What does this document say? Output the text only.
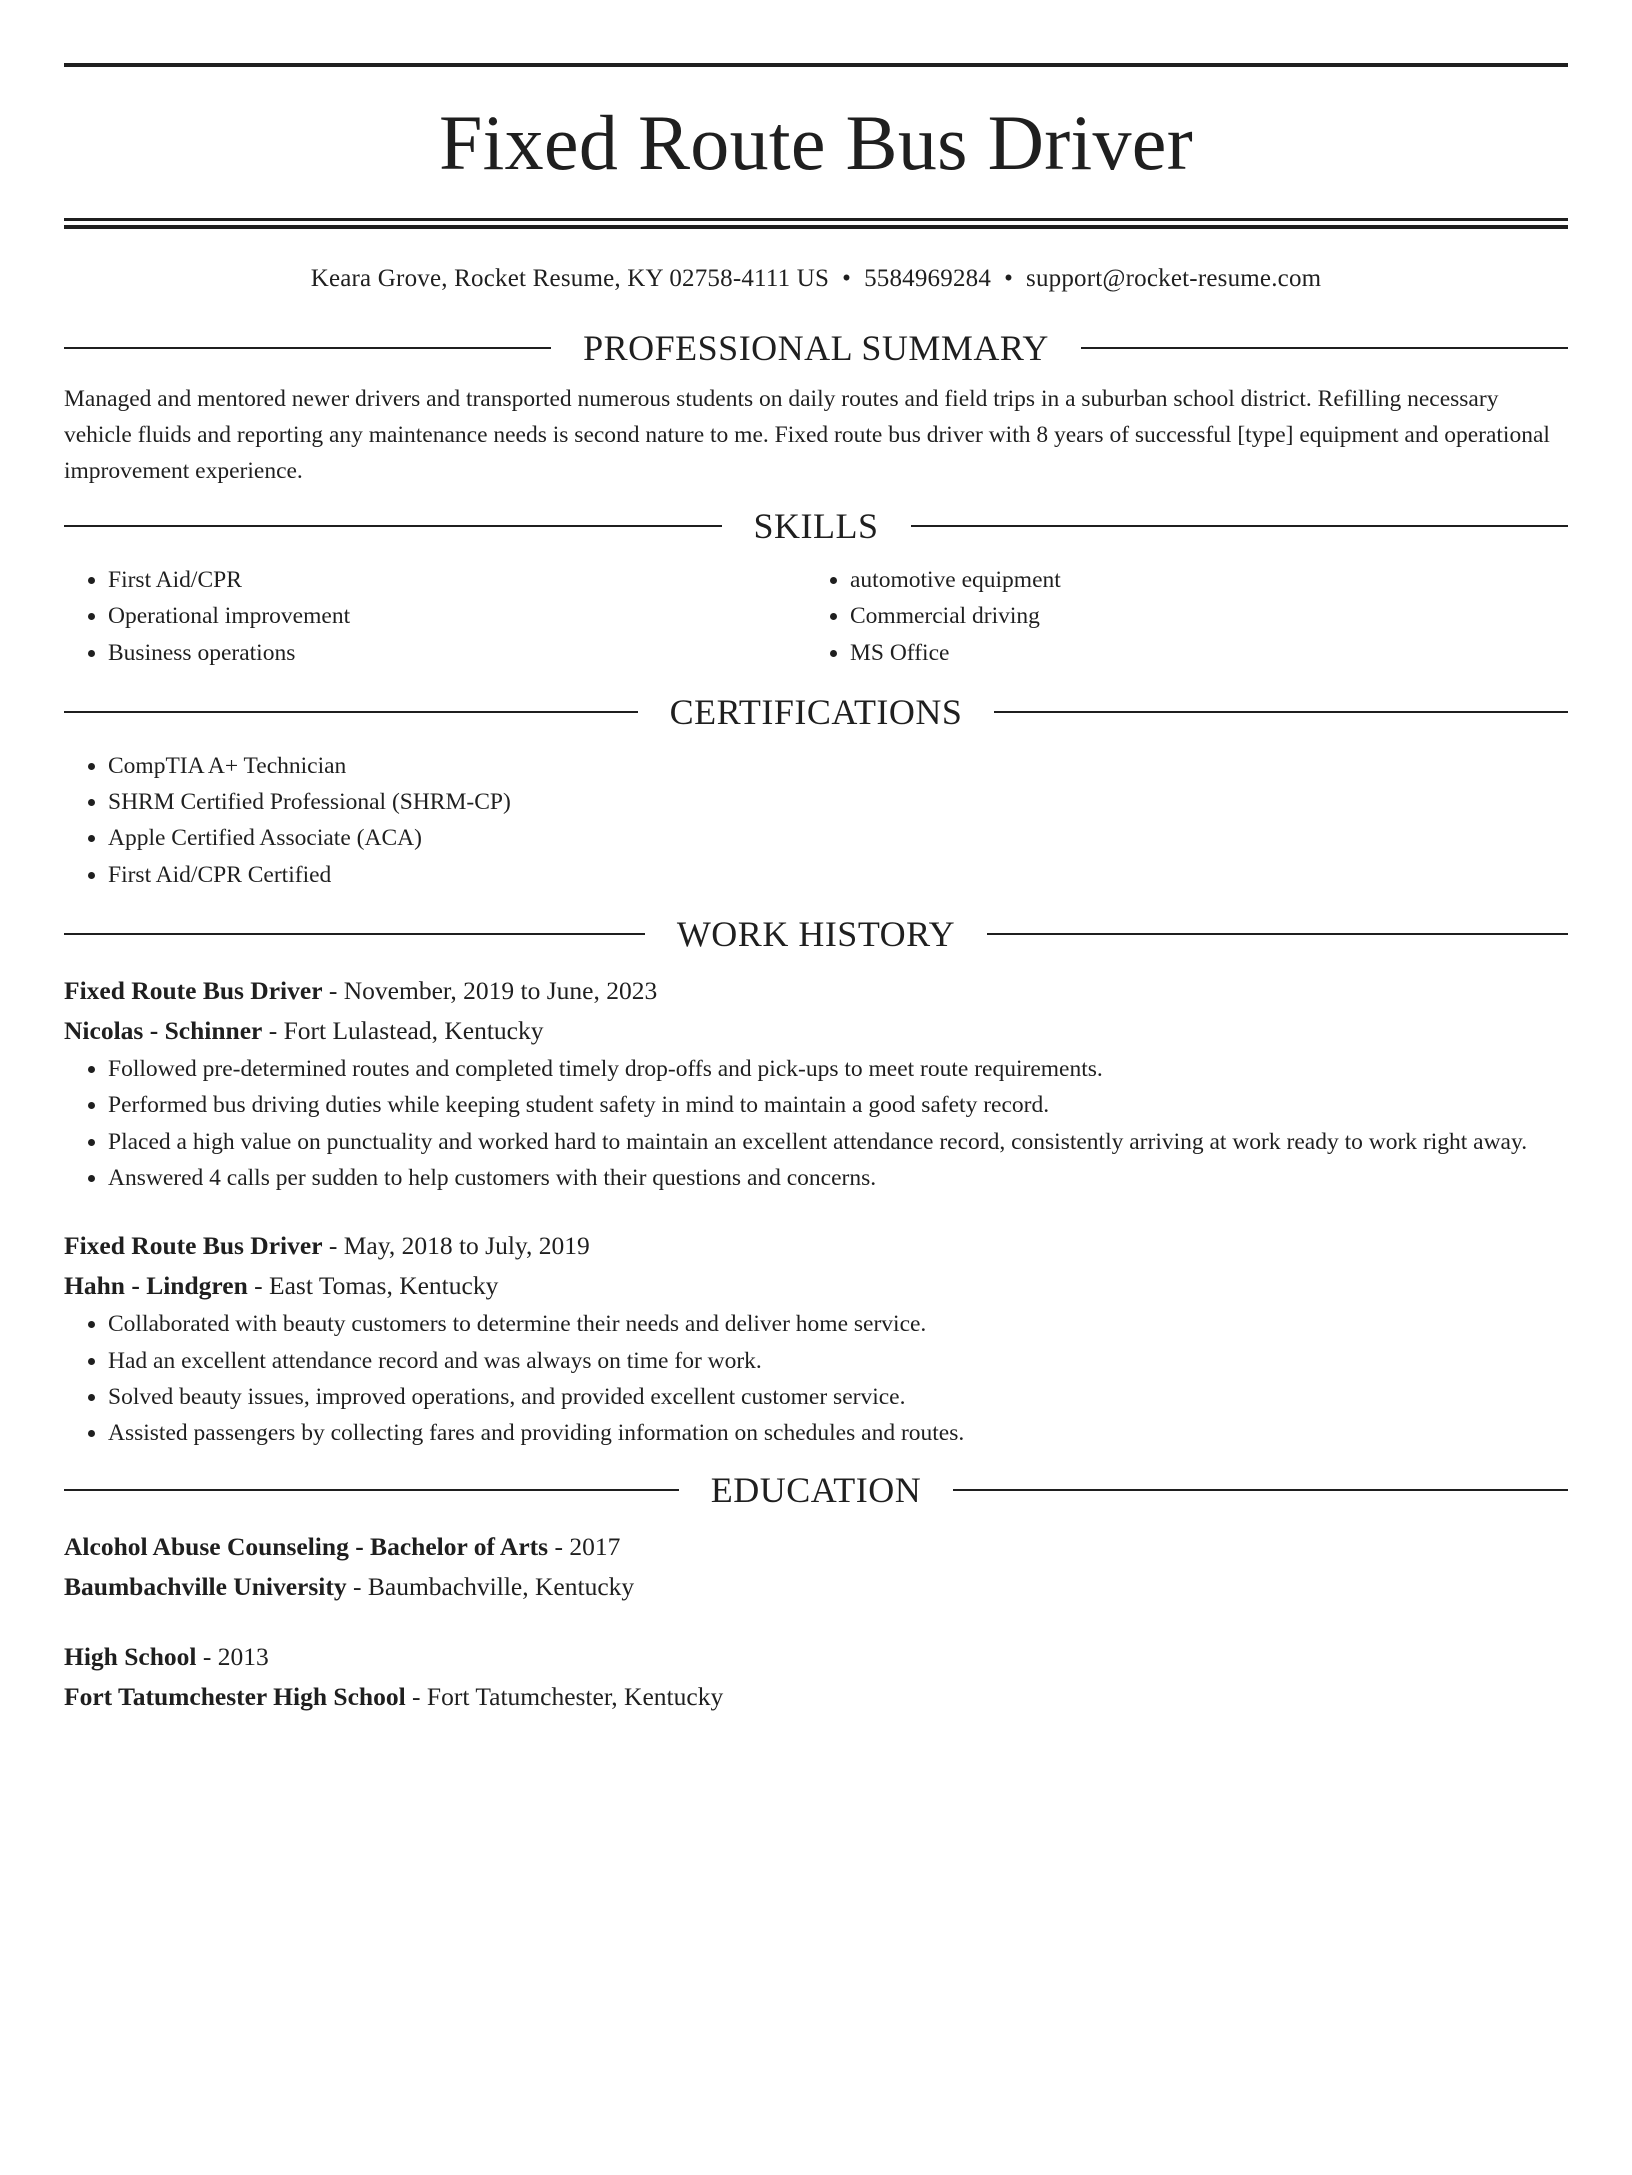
Fixed Route Bus Driver
Keara Grove, Rocket Resume, KY 02758-4111 US • 5584969284 • support@rocket-resume.com
PROFESSIONAL SUMMARY
Managed and mentored newer drivers and transported numerous students on daily routes and field trips in a suburban school district. Refilling necessary vehicle fluids and reporting any maintenance needs is second nature to me. Fixed route bus driver with 8 years of successful [type] equipment and operational improvement experience.
SKILLS
• First Aid/CPR
• Operational improvement
• Business operations
• automotive equipment
• Commercial driving
• MS Office
CERTIFICATIONS
• CompTIA A+ Technician
• SHRM Certified Professional (SHRM-CP)
• Apple Certified Associate (ACA)
• First Aid/CPR Certified
WORK HISTORY
Fixed Route Bus Driver - November, 2019 to June, 2023
Nicolas - Schinner - Fort Lulastead, Kentucky
• Followed pre-determined routes and completed timely drop-offs and pick-ups to meet route requirements.
• Performed bus driving duties while keeping student safety in mind to maintain a good safety record.
• Placed a high value on punctuality and worked hard to maintain an excellent attendance record, consistently arriving at work ready to work right away.
• Answered 4 calls per sudden to help customers with their questions and concerns.
Fixed Route Bus Driver - May, 2018 to July, 2019
Hahn - Lindgren - East Tomas, Kentucky
• Collaborated with beauty customers to determine their needs and deliver home service.
• Had an excellent attendance record and was always on time for work.
• Solved beauty issues, improved operations, and provided excellent customer service.
• Assisted passengers by collecting fares and providing information on schedules and routes.
EDUCATION
Alcohol Abuse Counseling - Bachelor of Arts - 2017
Baumbachville University - Baumbachville, Kentucky
High School - 2013
Fort Tatumchester High School - Fort Tatumchester, Kentucky
